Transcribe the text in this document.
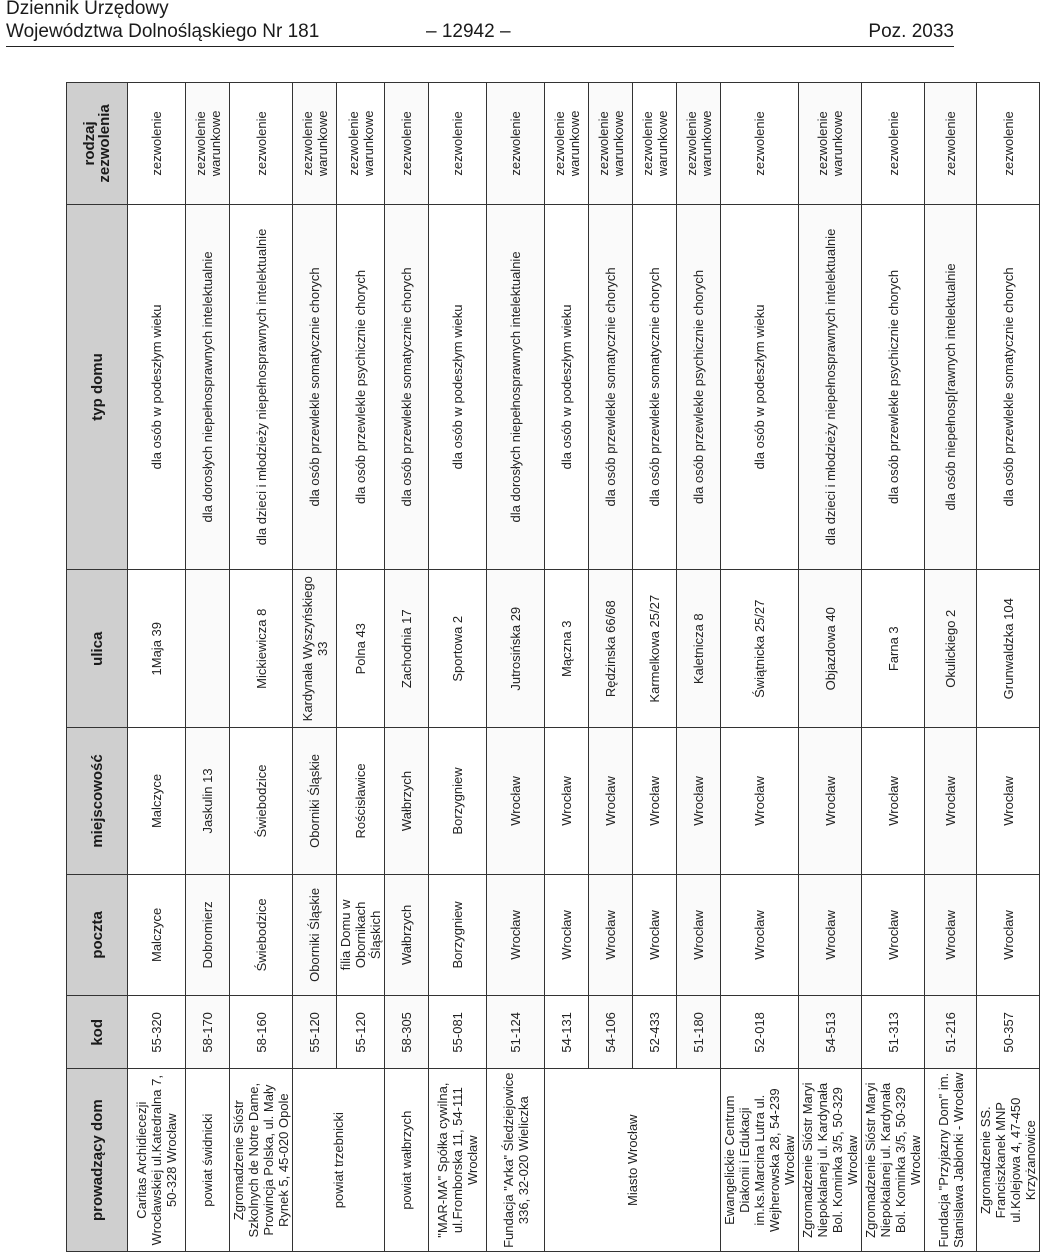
Dziennik Urzędowy
Województwa Dolnośląskiego Nr 181	– 12942 –	Poz. 2033
prowadzący dom	kod	poczta	miejscowość	ulica	typ domu	rodzaj zezwolenia
Caritas Archidiecezji Wrocławskiej ul.Katedralna 7, 50-328 Wrocław	55-320	Malczyce	Malczyce	1Maja 39	dla osób w podeszłym wieku	zezwolenie
powiat świdnicki	58-170	Dobromierz	Jaskulin 13		dla dorosłych niepełnosprawnych intelektualnie	zezwolenie warunkowe
Zgromadzenie Sióstr Szkolnych de Notre Dame, Prowincja Polska, ul. Mały Rynek 5, 45-020 Opole	58-160	Świebodzice	Świebodzice	Mickiewicza 8	dla dzieci i młodzieży niepełnosprawnych intelektualnie	zezwolenie
powiat trzebnicki	55-120	Oborniki Śląskie	Oborniki Śląskie	Kardynała Wyszyńskiego 33	dla osób przewlekle somatycznie chorych	zezwolenie warunkowe
	55-120	filia Domu w Obornikach Śląskich	Rościsławice	Polna 43	dla osób przewlekle psychicznie chorych	zezwolenie warunkowe
powiat wałbrzych	58-305	Wałbrzych	Wałbrzych	Zachodnia 17	dla osób przewlekle somatycznie chorych	zezwolenie
"MAR-MA" Spółka cywilna, ul.Fromborska 11, 54-111 Wrocław	55-081	Borzygniew	Borzygniew	Sportowa 2	dla osób w podeszłym wieku	zezwolenie
Fundacja "Arka" Śledziejowice 336, 32-020 Wieliczka	51-124	Wrocław	Wrocław	Jutrosińska 29	dla dorosłych niepełnosprawnych intelektualnie	zezwolenie
Miasto Wrocław	54-131	Wrocław	Wrocław	Mączna 3	dla osób w podeszłym wieku	zezwolenie warunkowe
	54-106	Wrocław	Wrocław	Rędzinska 66/68	dla osób przewlekle somatycznie chorych	zezwolenie warunkowe
	52-433	Wrocław	Wrocław	Karmelkowa 25/27	dla osób przewlekle somatycznie chorych	zezwolenie warunkowe
	51-180	Wrocław	Wrocław	Kaletnicza 8	dla osób przewlekle psychicznie chorych	zezwolenie warunkowe
Ewangelickie Centrum Diakonii i Edukacji im.ks.Marcina Lutra ul. Wejherowska 28, 54-239 Wrocław	52-018	Wrocław	Wrocław	Świątnicka 25/27	dla osób w podeszłym wieku	zezwolenie
Zgromadzenie Sióstr Maryi Niepokalanej ul. Kardynała Bol. Kominka 3/5, 50-329 Wrocław	54-513	Wrocław	Wrocław	Objazdowa 40	dla dzieci i młodzieży niepełnosprawnych intelektualnie	zezwolenie warunkowe
Zgromadzenie Sióstr Maryi Niepokalanej ul. Kardynała Bol. Kominka 3/5, 50-329 Wrocław	51-313	Wrocław	Wrocław	Farna 3	dla osób przewlekle psychicznie chorych	zezwolenie
Fundacja "Przyjazny Dom" im. Stanisława Jabłonki - Wrocław	51-216	Wrocław	Wrocław	Okulickiego 2	dla osób niepełnosp[rawnych intelektualnie	zezwolenie
Zgromadzenie SS. Franciszkanek MNP ul.Kolejowa 4, 47-450 Krzyżanowice	50-357	Wrocław	Wrocław	Grunwaldzka 104	dla osób przewlekle somatycznie chorych	zezwolenie
